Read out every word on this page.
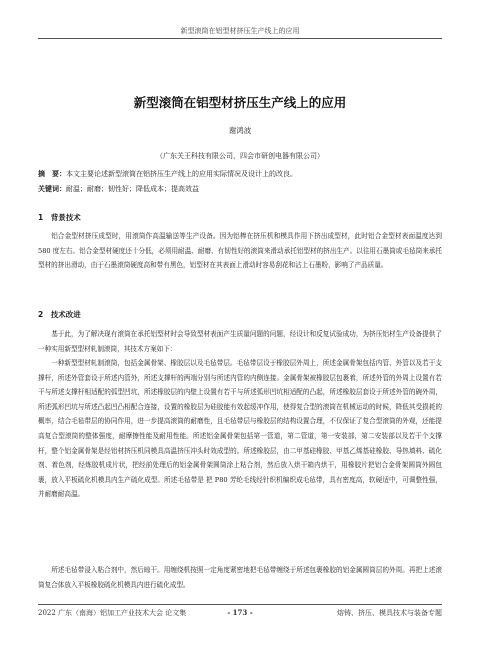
新型滚筒在铝型材挤压生产线上的应用
新型滚筒在铝型材挤压生产线上的应用
谢鸿波
（广东关王科技有限公司，四会市研创电器有限公司）
摘　要：本文主要论述新型滚筒在铝挤压生产线上的应用实际情况及设计上的改良。
关键词：耐温；耐磨；韧性好；降低成本；提高效益
1　背景技术

铝合金型材挤压成型时，用滚筒作高温输送等生产设备。因为铝棒在挤压机和模具作用下挤出成型材，此时铝合金型材表面温度达到 580 度左右。铝合金型材硬度还十分低，必须用耐温、耐磨、有韧性好的滚筒来滑动承托铝型材的挤出生产。以往用石墨筒或毛毡筒来承托型材的挤出滑动，由于石墨滚筒硬度高和带有黑色，铝型材在其表面上滑动时容易刮花和沾上石墨粉，影响了产品质量。

2　技术改进

基于此，为了解决现有滚筒在承托铝型材时会导致型材表面产生质量问题的问题，经设计和反复试验成功，为挤压铝材生产设备提供了一种实用新型型材轧制滚筒，其技术方案如下：

一种新型型材轧制滚筒，包括金属骨架、橡胶层以及毛毡带层。毛毡带层设于橡胶层外周上，所述金属骨架包括内管、外管以及若干支撑杆，所述外管套设于所述内管外，所述支撑杆的两端分别与所述内管的内侧连接。金属骨架被橡胶层包裹着，所述外管的外周上设置有若干与所述支撑杆相适配的弧型凹坑，所述橡胶层的内壁上设置有若干与所述弧形凹坑相适配的凸起，所述橡胶层套设于所述外管的碗外周，所述弧形凹坑与所述凸起凹凸相配合连接，设置的橡胶层为硅胶能有效起缓冲作用，使得复合型的滚筒在机械运动的时候，降低其受损耗的概率，结合毛毡带层的协同作用，进一步提高滚筒的耐磨性，且毛毡带层与橡胶层的结构设置合理，不仅保证了复合型滚筒的外观，还能提高复合型滚筒的整体强度，耐摩擦性能及耐用性能。所述铝金属骨架包括第一管道，第二管道，第一安装部，第二安装部以及若干个支撑杆，整个铝金属骨架是经铝材挤压机同模具高温挤压冲头时效成型的。所述橡胶层，由二甲基硅橡胶、甲基乙烯基硅橡胶、导热填料、硫化剂、着色剂，经炼胶机成片状，把经前处理后的铝金属骨架圆筒涂上粘合剂，然后放入烘干箱内烘干，用橡胶片把铝合金骨架圆筒外圆包裹，放入平板硫化机模具内生产硫化成型。所述毛毡带是 把 P80 芳纶毛线经针织机编织成毛毡带，具有密度高，软硬适中，可调整性强，并耐磨耐高温。

所述毛毡带浸入粘合剂中，然后晾干。用缠绕机按照一定角度紧密地把毛毡带缠绕于所述包裹橡胶的铝金属圆筒层的外周。再把上述滚筒复合体放入平板橡胶硫化机模具内进行硫化成型。

2022 广东（南海）铝加工产业技术大会 论文集	- 173 -	熔铸、挤压、模具技术与装备专题
